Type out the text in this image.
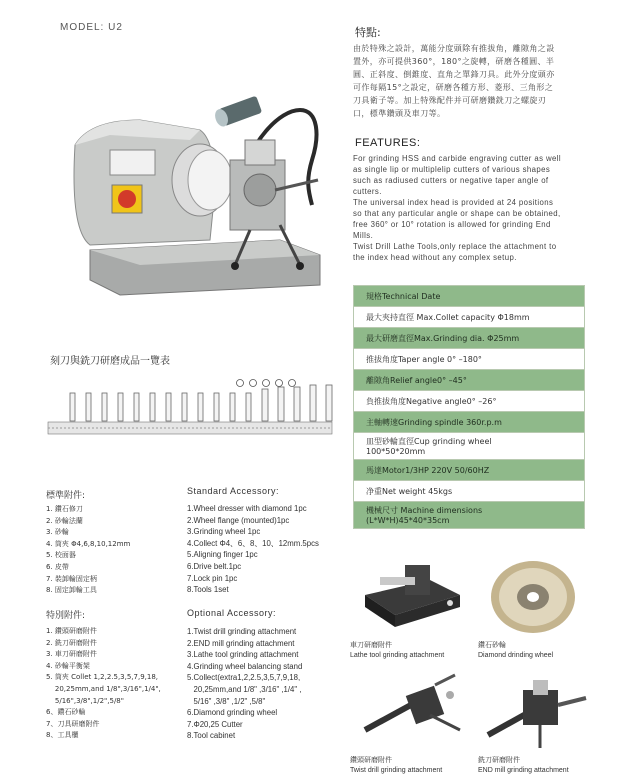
MODEL: U2	特點:

由於特殊之設計，萬能分度頭除有推拔角，離隙角之設

置外，亦可提供360°，180°之旋轉，研磨各種圓、半

圓、正斜度、倒錐度、直角之單鋒刀具。此外分度頭亦

可作每隔15°之設定，研磨各種方形、菱形、三角形之

刀具衛子等。加上特殊配件并可研磨鑽銑刀之螺旋刃

口，標準鑽頭及車刀等。

FEATURES:

For grinding HSS and carbide engraving cutter as well

as single lip or multiplelip cutters of various shapes

such as radiused cutters or negative taper angle of

cutters.

The universal index head is provided at 24 positions

so that any particular angle or shape can be obtained,

free 360° or 10° rotation is allowed for grinding End

Mills.

Twist Drill Lathe Tools,only replace the attachment to

the index head without any complex setup.

規格Technical Date
最大夾持直徑 Max.Collet capacity Φ18mm
最大研磨直徑Max.Grinding dia. Φ25mm
推拔角度Taper angle 0° –180°
離隙角Relief angle0° –45°
負推拔角度Negative angle0° –26°
主軸轉速Grinding spindle 360r.p.m

皿型砂輪直徑Cup grinding wheel
100*50*20mm

馬達Motor1/3HP 220V 50/60HZ
净重Net weight 45kgs

機械尺寸 Machine dimensions
(L*W*H)45*40*35cm
刻刀與銑刀研磨成品一覽表
標準附件:
1. 鑽石修刀
2. 砂輪法蘭
3. 砂輪
4. 筒夾 Φ4,6,8,10,12mm
5. 校面器
6. 皮帶
7. 裝卸輪固定柄
8. 固定卸輪工具
Standard Accessory:
1.Wheel dresser with diamond 1pc
2.Wheel flange (mounted)1pc
3.Grinding wheel 1pc
4.Collect Φ4、6、8、10、12mm.5pcs
5.Aligning finger 1pc
6.Drive belt.1pc
7.Lock pin 1pc
8.Tools 1set
特別附件:
1. 鑽頭研磨附件
2. 銑刀研磨附件
3. 車刀研磨附件
4. 砂輪平衡架
5. 筒夾 Collet 1,2,2.5,3,5,7,9,18,
20,25mm,and 1/8",3/16",1/4",
5/16",3/8",1/2",5/8"
6、鑽石砂輪
7、刀具研磨附件
8、工具櫃
Optional Accessory:
1.Twist drill grinding attachment
2.END mill grinding attachment
3.Lathe tool grinding attachment
4.Grinding wheel balancing stand
5.Collect(extra1,2,2.5,3,5,7,9,18,
20,25mm,and 1/8" ,3/16" ,1/4" ,
5/16" ,3/8" ,1/2" ,5/8"
6.Diamond grinding wheel
7.Φ20,25 Cutter
8.Tool cabinet
車刀研磨附件
Lathe tool grinding attachment
鑽石砂輪
Diamond drinding wheel
鑽頭研磨附件
Twist drill grinding attachment
銑刀研磨附件
END mill grinding attachment
